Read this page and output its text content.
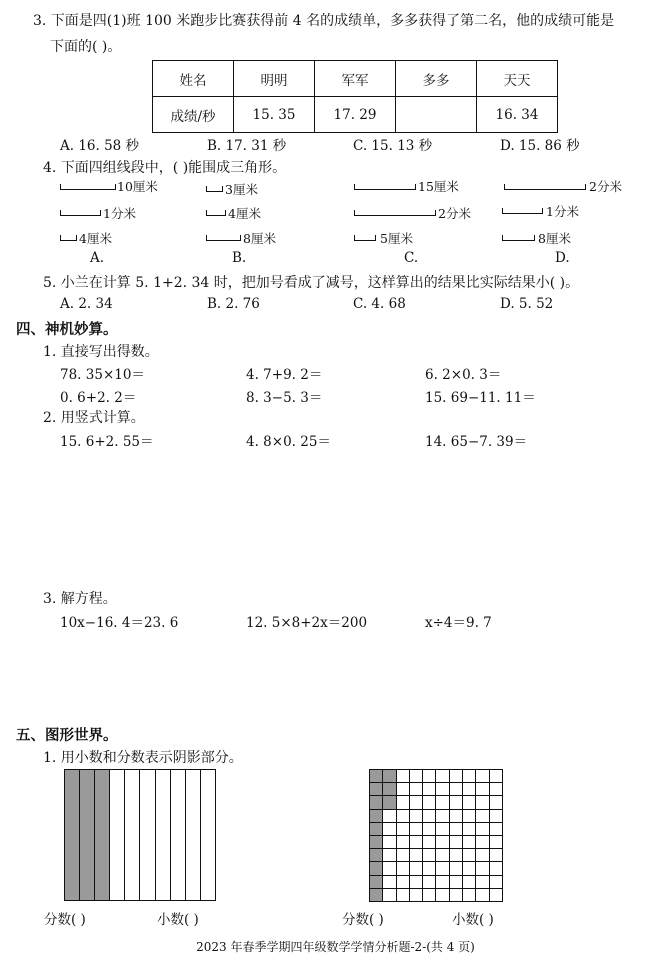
3. 下面是四(1)班 100 米跑步比赛获得前 4 名的成绩单，多多获得了第二名，他的成绩可能是
下面的( )。
姓名	明明	军军	多多	天天
成绩/秒	15. 35	17. 29		16. 34
A. 16. 58 秒	B. 17. 31 秒	C. 15. 13 秒	D. 15. 86 秒
4. 下面四组线段中，( )能围成三角形。
10厘米
1分米
4厘米
A.
3厘米
4厘米
8厘米
B.
15厘米
2分米
5厘米
C.
2分米
1分米
8厘米
D.
5. 小兰在计算 5. 1+2. 34 时，把加号看成了减号，这样算出的结果比实际结果小( )。
A. 2. 34	B. 2. 76	C. 4. 68	D. 5. 52
四、神机妙算。
1. 直接写出得数。
78. 35×10＝	4. 7+9. 2＝	6. 2×0. 3＝
0. 6+2. 2＝	8. 3−5. 3＝	15. 69−11. 11＝
2. 用竖式计算。
15. 6+2. 55＝	4. 8×0. 25＝	14. 65−7. 39＝
3. 解方程。
10x−16. 4＝23. 6	12. 5×8+2x＝200	x÷4＝9. 7
五、图形世界。
1. 用小数和分数表示阴影部分。
分数( )	小数( )	分数( )	小数( )
2023 年春季学期四年级数学学情分析题-2-(共 4 页)
